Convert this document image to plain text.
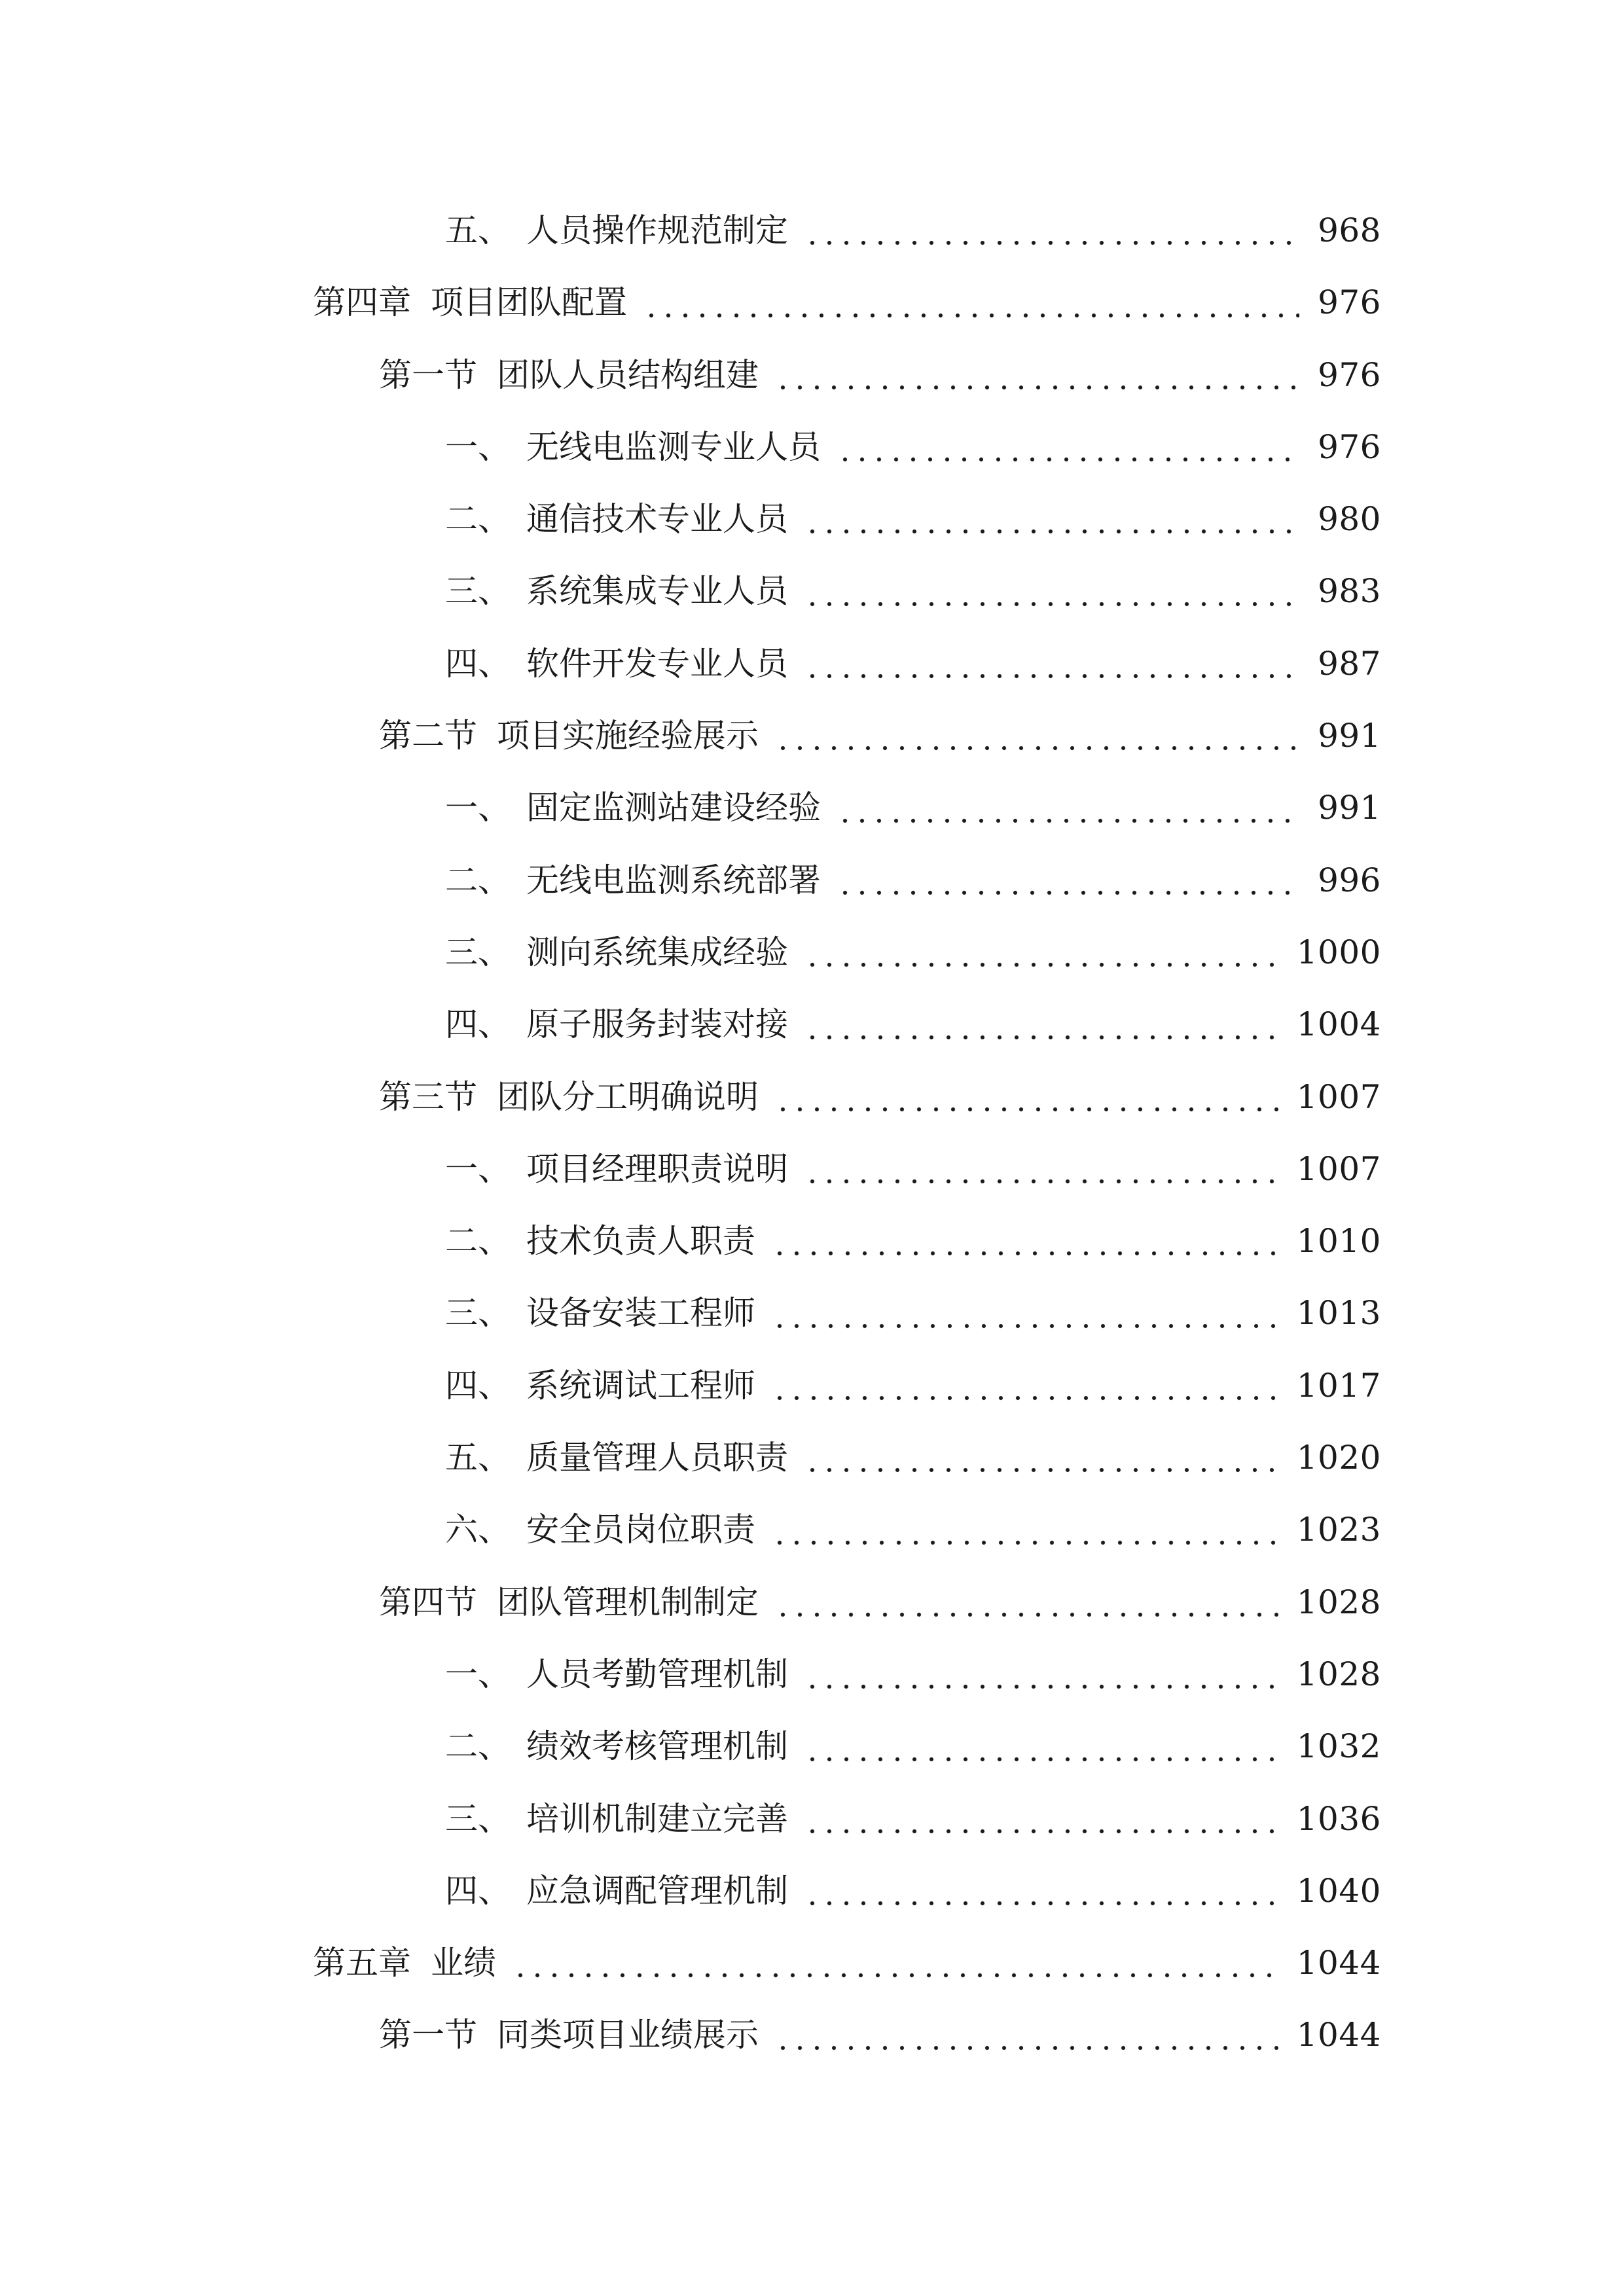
五、 人员操作规范制定	968
第四章 项目团队配置	976
第一节 团队人员结构组建	976
一、 无线电监测专业人员	976
二、 通信技术专业人员	980
三、 系统集成专业人员	983
四、 软件开发专业人员	987
第二节 项目实施经验展示	991
一、 固定监测站建设经验	991
二、 无线电监测系统部署	996
三、 测向系统集成经验	1000
四、 原子服务封装对接	1004
第三节 团队分工明确说明	1007
一、 项目经理职责说明	1007
二、 技术负责人职责	1010
三、 设备安装工程师	1013
四、 系统调试工程师	1017
五、 质量管理人员职责	1020
六、 安全员岗位职责	1023
第四节 团队管理机制制定	1028
一、 人员考勤管理机制	1028
二、 绩效考核管理机制	1032
三、 培训机制建立完善	1036
四、 应急调配管理机制	1040
第五章 业绩	1044
第一节 同类项目业绩展示	1044
